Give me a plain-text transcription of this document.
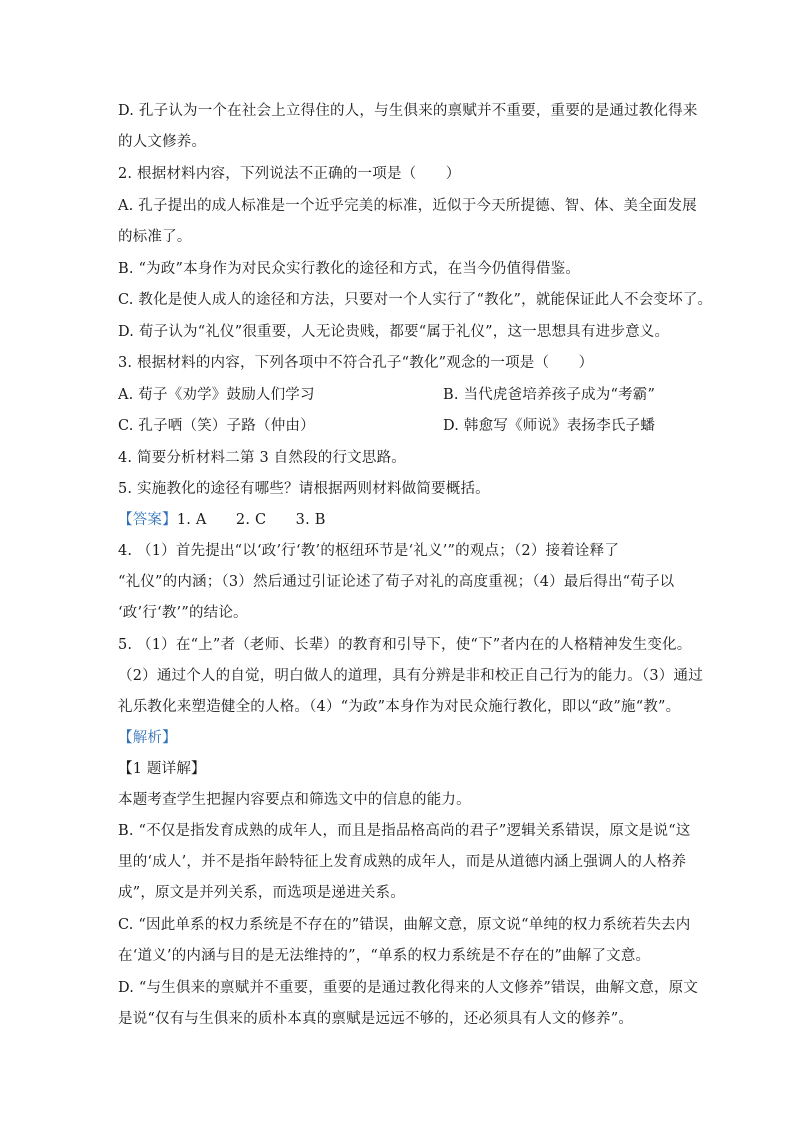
D. 孔子认为一个在社会上立得住的人，与生俱来的禀赋并不重要，重要的是通过教化得来
的人文修养。
2. 根据材料内容，下列说法不正确的一项是（　　）
A. 孔子提出的成人标准是一个近乎完美的标准，近似于今天所提德、智、体、美全面发展
的标准了。
B. “为政”本身作为对民众实行教化的途径和方式，在当今仍值得借鉴。
C. 教化是使人成人的途径和方法，只要对一个人实行了“教化”，就能保证此人不会变坏了。
D. 荀子认为“礼仪”很重要，人无论贵贱，都要“属于礼仪”，这一思想具有进步意义。
3. 根据材料的内容，下列各项中不符合孔子“教化”观念的一项是（　　）
A. 荀子《劝学》鼓励人们学习	B. 当代虎爸培养孩子成为“考霸”
C. 孔子哂（笑）子路（仲由）	D. 韩愈写《师说》表扬李氏子蟠
4. 简要分析材料二第 3 自然段的行文思路。
5. 实施教化的途径有哪些？请根据两则材料做简要概括。
【答案】1. A　　2. C　　3. B
4. （1）首先提出“以‘政’行‘教’的枢纽环节是‘礼义’”的观点；（2）接着诠释了
“礼仪”的内涵；（3）然后通过引证论述了荀子对礼的高度重视；（4）最后得出“荀子以
‘政’行‘教’”的结论。
5. （1）在“上”者（老师、长辈）的教育和引导下，使“下”者内在的人格精神发生变化。
（2）通过个人的自觉，明白做人的道理，具有分辨是非和校正自己行为的能力。（3）通过
礼乐教化来塑造健全的人格。（4）“为政”本身作为对民众施行教化，即以“政”施“教”。
【解析】
【1 题详解】
本题考查学生把握内容要点和筛选文中的信息的能力。
B. “不仅是指发育成熟的成年人，而且是指品格高尚的君子”逻辑关系错误，原文是说“这
里的‘成人’，并不是指年龄特征上发育成熟的成年人，而是从道德内涵上强调人的人格养
成”，原文是并列关系，而选项是递进关系。
C. “因此单系的权力系统是不存在的”错误，曲解文意，原文说“单纯的权力系统若失去内
在‘道义’的内涵与目的是无法维持的”，“单系的权力系统是不存在的”曲解了文意。
D. “与生俱来的禀赋并不重要，重要的是通过教化得来的人文修养”错误，曲解文意，原文
是说“仅有与生俱来的质朴本真的禀赋是远远不够的，还必须具有人文的修养”。
